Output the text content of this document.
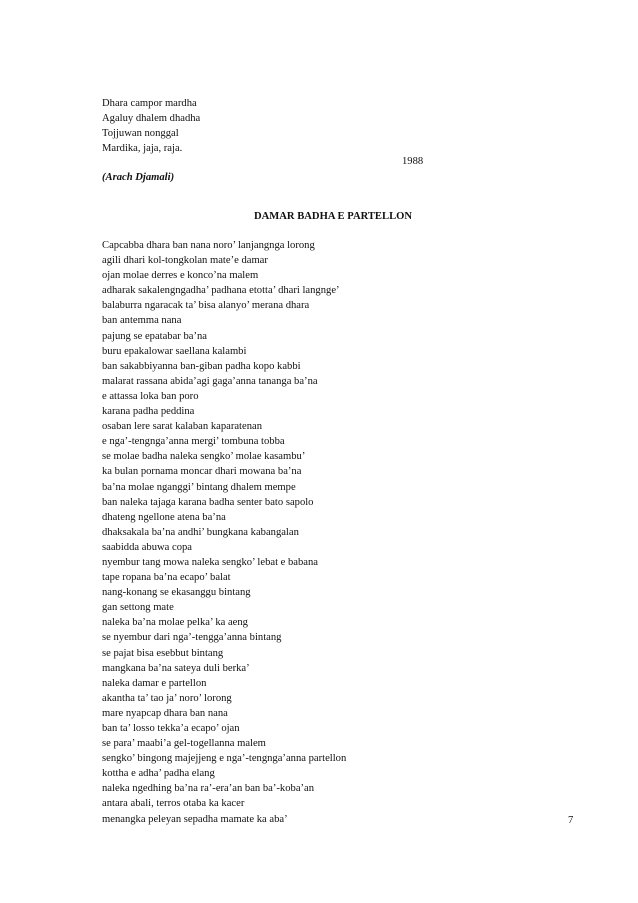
Dhara campor mardha
Agaluy dhalem dhadha
Tojjuwan nonggal
Mardika, jaja, raja.
1988
(Arach Djamali)
DAMAR BADHA E PARTELLON
Capcabba dhara ban nana noro’ lanjangnga lorong
agili dhari kol-tongkolan mate’e damar
ojan molae derres e konco’na malem
adharak sakalengngadha’ padhana etotta’ dhari langnge’
balaburra ngaracak ta’ bisa alanyo’ merana dhara
ban antemma nana
pajung se epatabar ba’na
buru epakalowar saellana kalambi
ban sakabbiyanna ban-giban padha kopo kabbi
malarat rassana abida’agi gaga’anna tananga ba’na
e attassa loka ban poro
karana padha peddina
osaban lere sarat kalaban kaparatenan
e nga’-tengnga’anna mergi’ tombuna tobba
se molae badha naleka sengko’ molae kasambu’
ka bulan pornama moncar dhari mowana ba’na
ba’na molae nganggi’ bintang dhalem mempe
ban naleka tajaga karana badha senter bato sapolo
dhateng ngellone atena ba’na
dhaksakala ba’na andhi’ bungkana kabangalan
saabidda abuwa copa
nyembur tang mowa naleka sengko’ lebat e babana
tape ropana ba’na ecapo’ balat
nang-konang se ekasanggu bintang
gan settong mate
naleka ba’na molae pelka’ ka aeng
se nyembur dari nga’-tengga’anna bintang
se pajat bisa esebbut bintang
mangkana ba’na sateya duli berka’
naleka damar e partellon
akantha ta’ tao ja’ noro’ lorong
mare nyapcap dhara ban nana
ban ta’ losso tekka’a ecapo’ ojan
se para’ maabi’a gel-togellanna malem
sengko’ bingong majejjeng e nga’-tengnga’anna partellon
kottha e adha’ padha elang
naleka ngedhing ba’na ra’-era’an ban ba’-koba’an
antara abali, terros otaba ka kacer
menangka peleyan sepadha mamate ka aba’	7
